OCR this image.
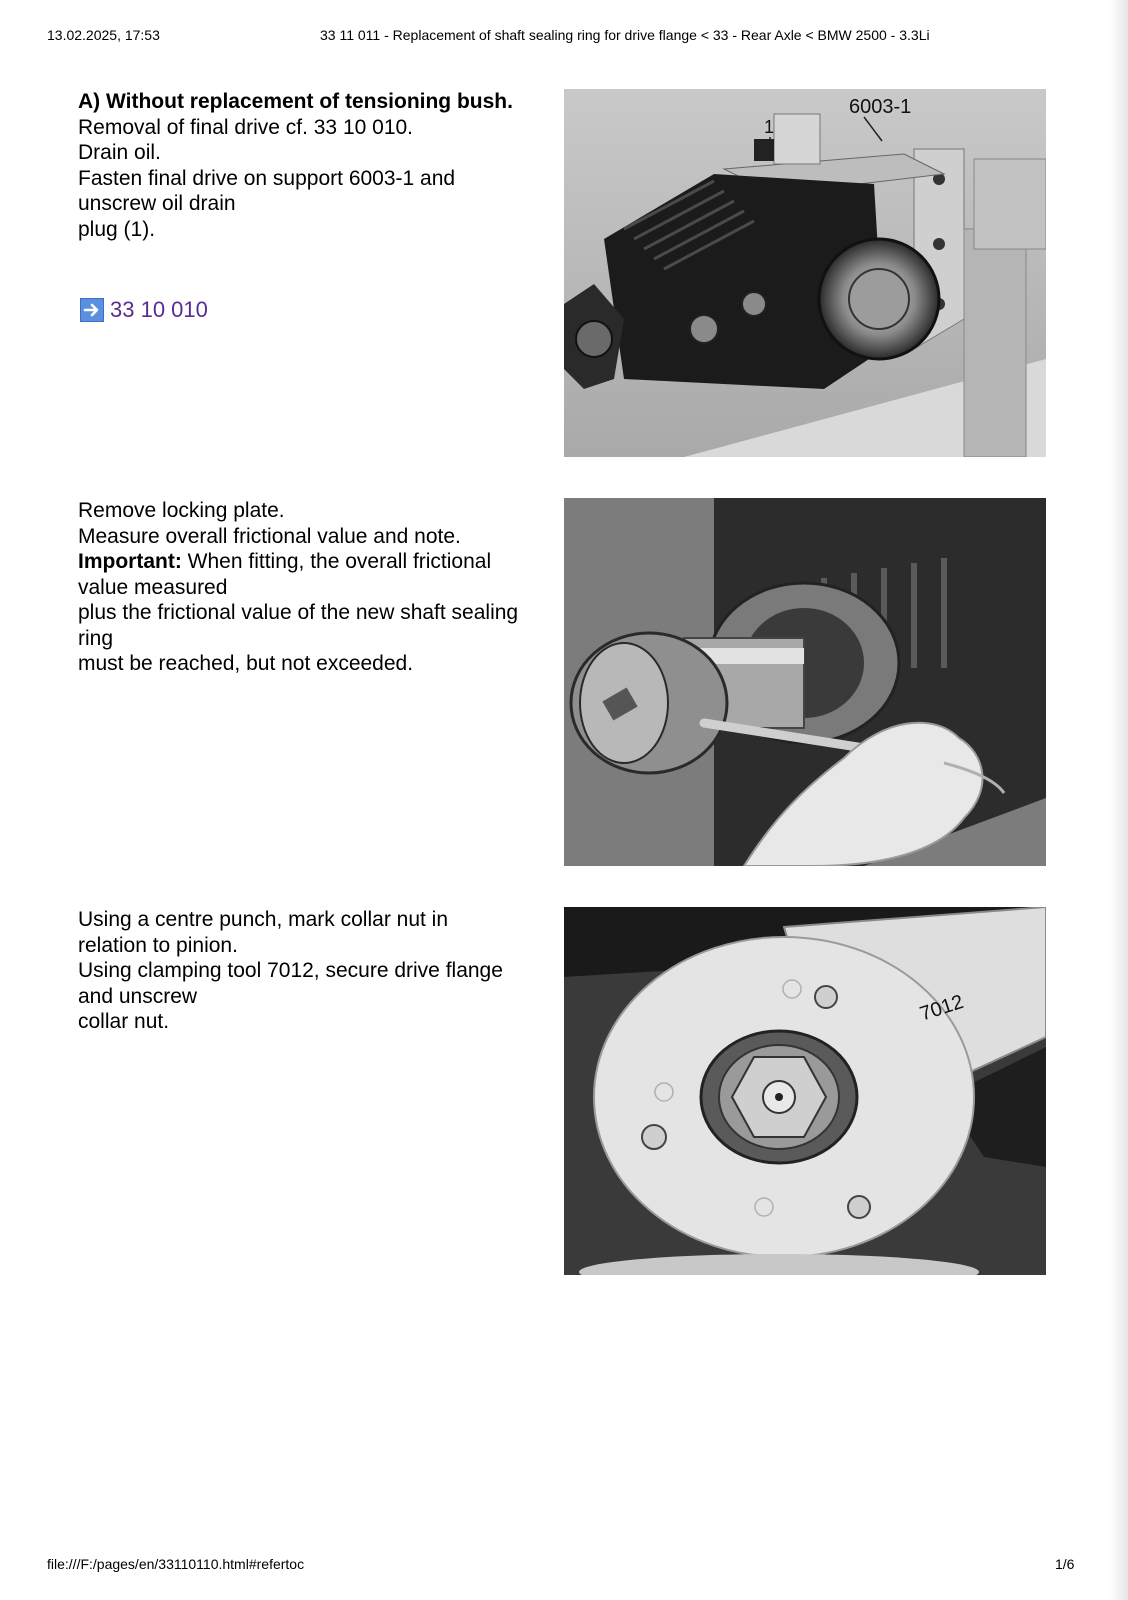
13.02.2025, 17:53	33 11 011 - Replacement of shaft sealing ring for drive flange < 33 - Rear Axle < BMW 2500 - 3.3Li
A) Without replacement of tensioning bush.
Removal of final drive cf. 33 10 010.
Drain oil.
Fasten final drive on support 6003-1 and
unscrew oil drain
plug (1).
33 10 010
6003-1
1
Remove locking plate.
Measure overall frictional value and note.
Important: When fitting, the overall frictional
value measured
plus the frictional value of the new shaft sealing
ring
must be reached, but not exceeded.
Using a centre punch, mark collar nut in
relation to pinion.
Using clamping tool 7012, secure drive flange
and unscrew
collar nut.	7012
file:///F:/pages/en/33110110.html#refertoc	1/6
